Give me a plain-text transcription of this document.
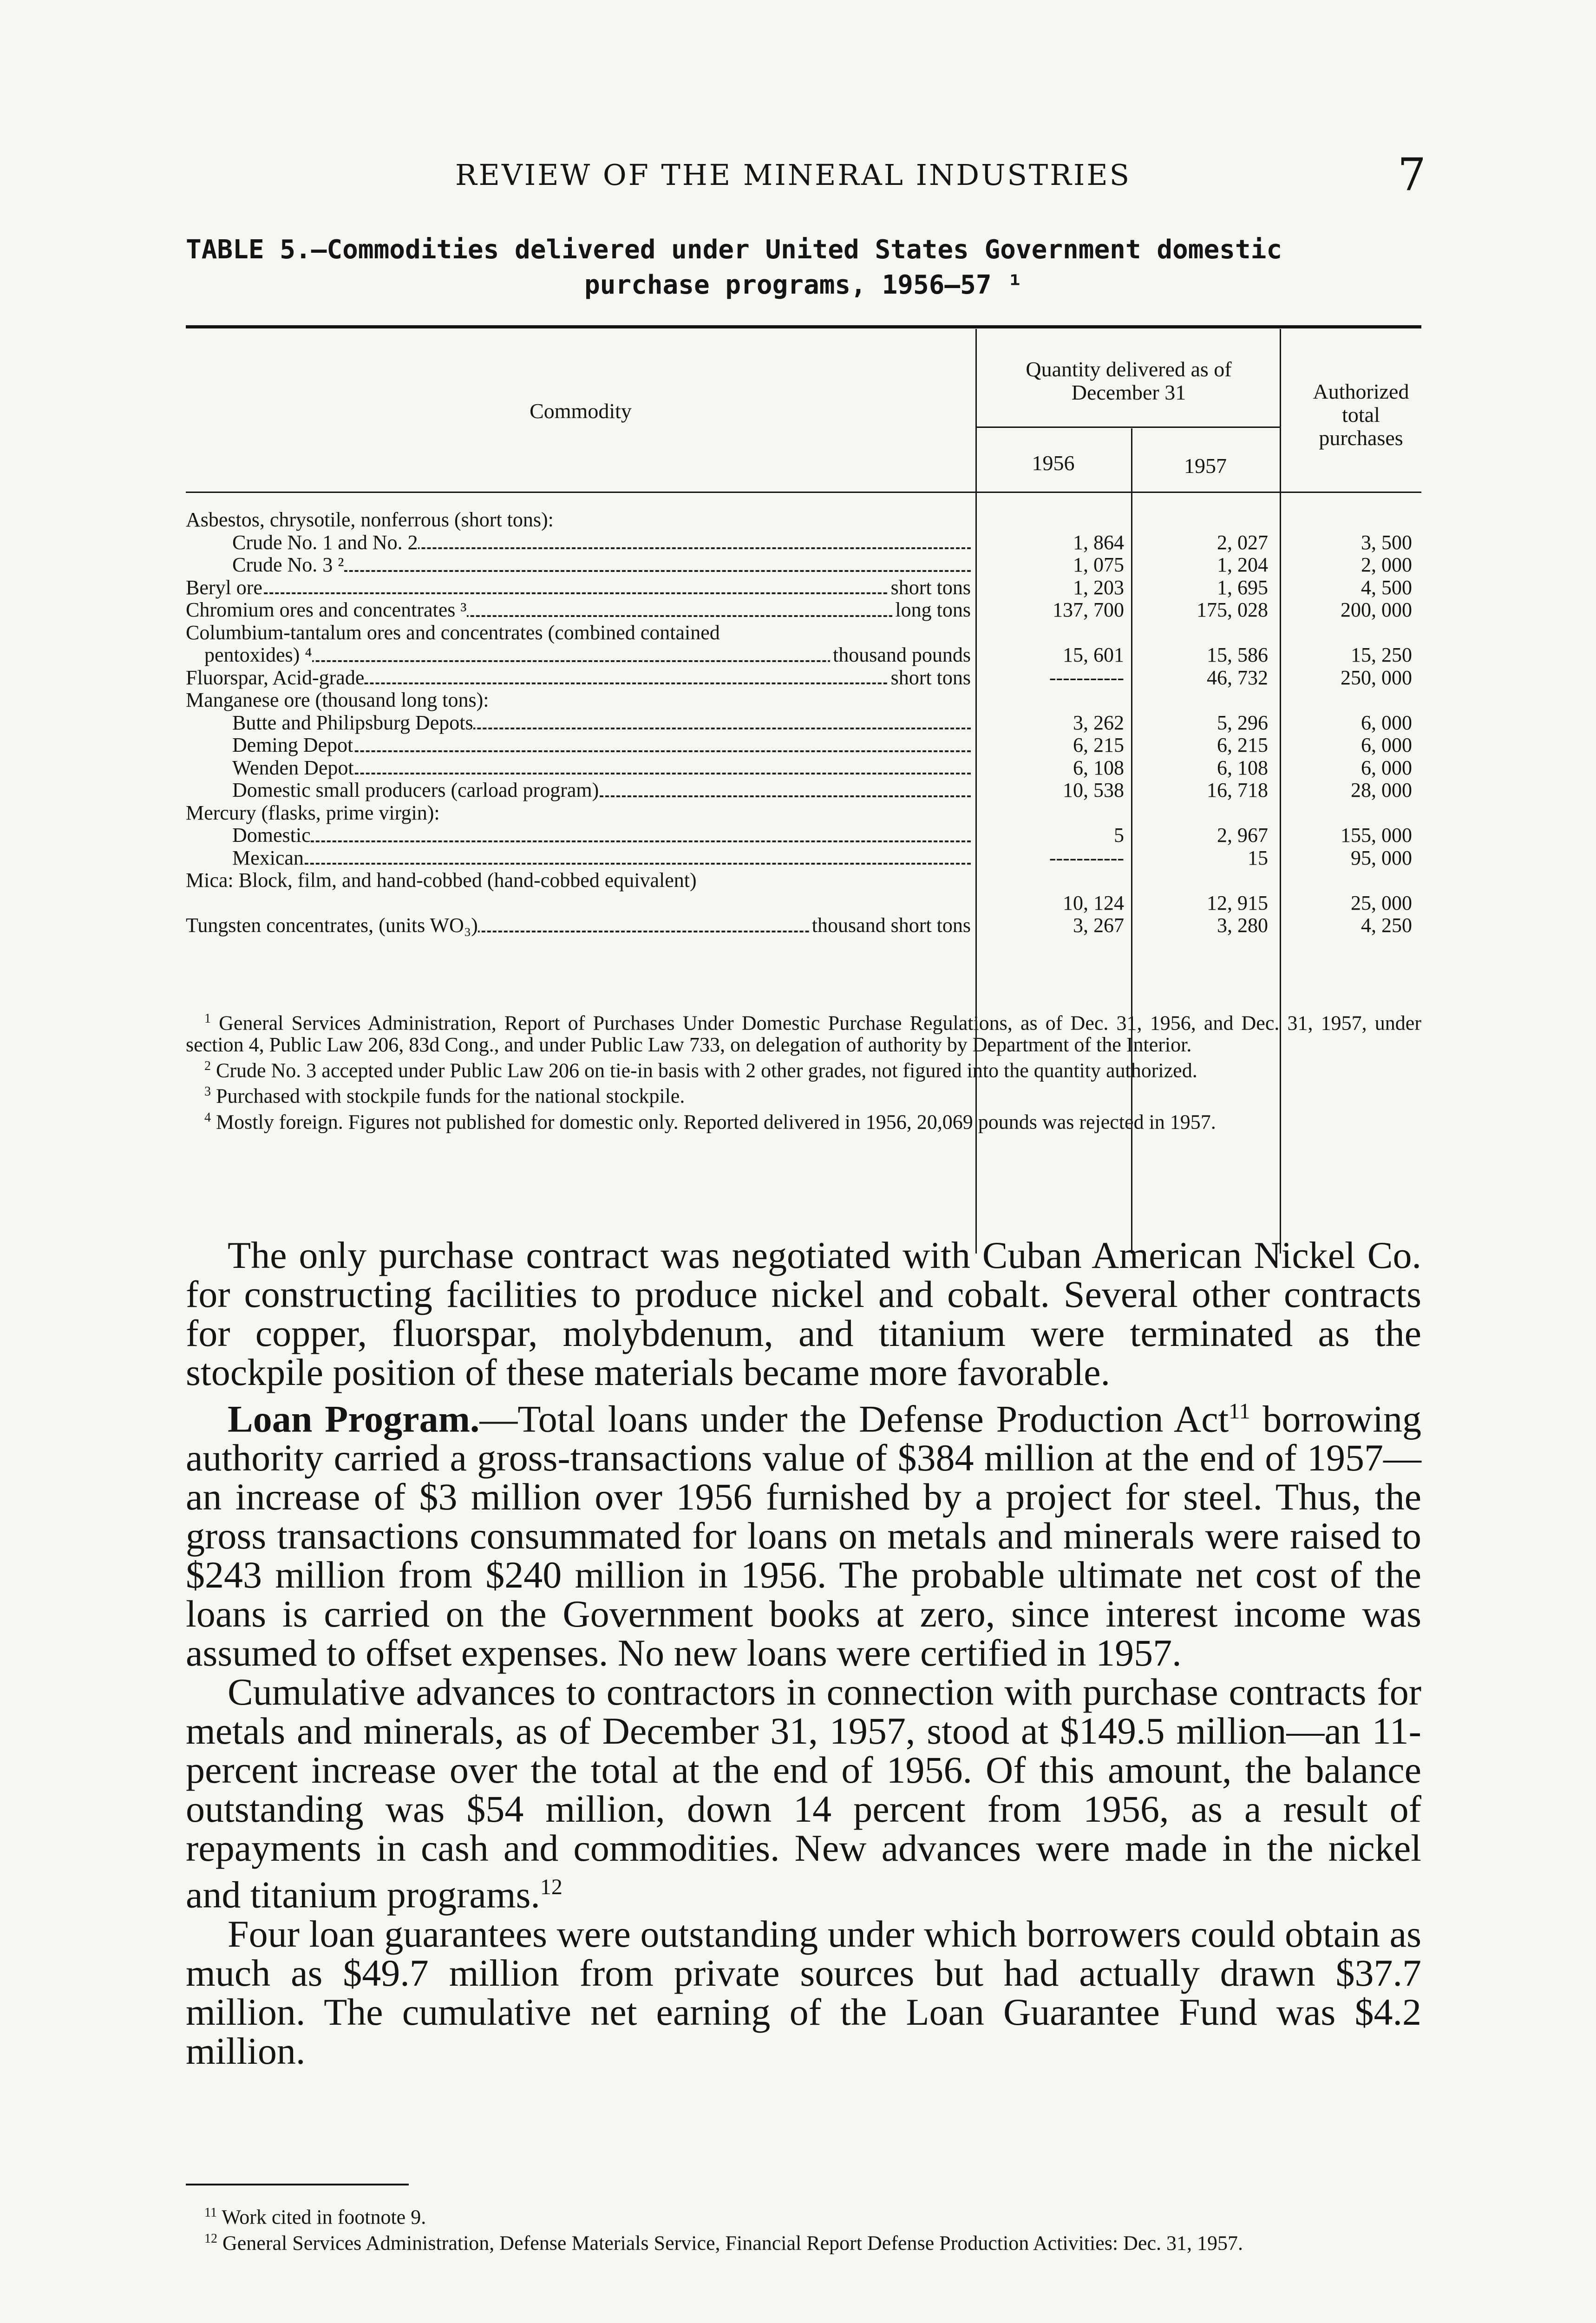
REVIEW OF THE MINERAL INDUSTRIES	7
TABLE 5.—Commodities delivered under United States Government domestic
purchase programs, 1956–57 ¹
Commodity
Quantity delivered as of December 31
1956	1957
Authorized total purchases
Asbestos, chrysotile, nonferrous (short tons):
Crude No. 1 and No. 2	1, 864	2, 027	3, 500
Crude No. 3 ²	1, 075	1, 204	2, 000
Beryl ore	short tons	1, 203	1, 695	4, 500
Chromium ores and concentrates ³	long tons	137, 700	175, 028	200, 000
Columbium-tantalum ores and concentrates (combined contained
pentoxides) ⁴	thousand pounds	15, 601	15, 586	15, 250
Fluorspar, Acid-grade	short tons	-----------	46, 732	250, 000
Manganese ore (thousand long tons):
Butte and Philipsburg Depots	3, 262	5, 296	6, 000
Deming Depot	6, 215	6, 215	6, 000
Wenden Depot	6, 108	6, 108	6, 000
Domestic small producers (carload program)	10, 538	16, 718	28, 000
Mercury (flasks, prime virgin):
Domestic	5	2, 967	155, 000
Mexican	-----------	15	95, 000
Mica: Block, film, and hand-cobbed (hand-cobbed equivalent)
10, 124	12, 915	25, 000
Tungsten concentrates, (units WO₃)	thousand short tons	3, 267	3, 280	4, 250

$^1$ General Services Administration, Report of Purchases Under Domestic Purchase Regulations, as of Dec. 31, 1956, and Dec. 31, 1957, under section 4, Public Law 206, 83d Cong., and under Public Law 733, on delegation of authority by Department of the Interior.

$^2$ Crude No. 3 accepted under Public Law 206 on tie-in basis with 2 other grades, not figured into the quantity authorized.

$^3$ Purchased with stockpile funds for the national stockpile.

$^4$ Mostly foreign. Figures not published for domestic only. Reported delivered in 1956, 20,069 pounds was rejected in 1957.

The only purchase contract was negotiated with Cuban American Nickel Co. for constructing facilities to produce nickel and cobalt. Several other contracts for copper, fluorspar, molybdenum, and titanium were terminated as the stockpile position of these materials became more favorable.

Loan Program.—Total loans under the Defense Production Act$^{11}$ borrowing authority carried a gross-transactions value of $384 million at the end of 1957—an increase of $3 million over 1956 furnished by a project for steel. Thus, the gross transactions consummated for loans on metals and minerals were raised to $243 million from $240 million in 1956. The probable ultimate net cost of the loans is carried on the Government books at zero, since interest income was assumed to offset expenses. No new loans were certified in 1957.

Cumulative advances to contractors in connection with purchase contracts for metals and minerals, as of December 31, 1957, stood at $149.5 million—an 11-percent increase over the total at the end of 1956. Of this amount, the balance outstanding was $54 million, down 14 percent from 1956, as a result of repayments in cash and commodities. New advances were made in the nickel and titanium programs.$^{12}$

Four loan guarantees were outstanding under which borrowers could obtain as much as $49.7 million from private sources but had actually drawn $37.7 million. The cumulative net earning of the Loan Guarantee Fund was $4.2 million.

$^{11}$ Work cited in footnote 9.

$^{12}$ General Services Administration, Defense Materials Service, Financial Report Defense Production Activities: Dec. 31, 1957.
